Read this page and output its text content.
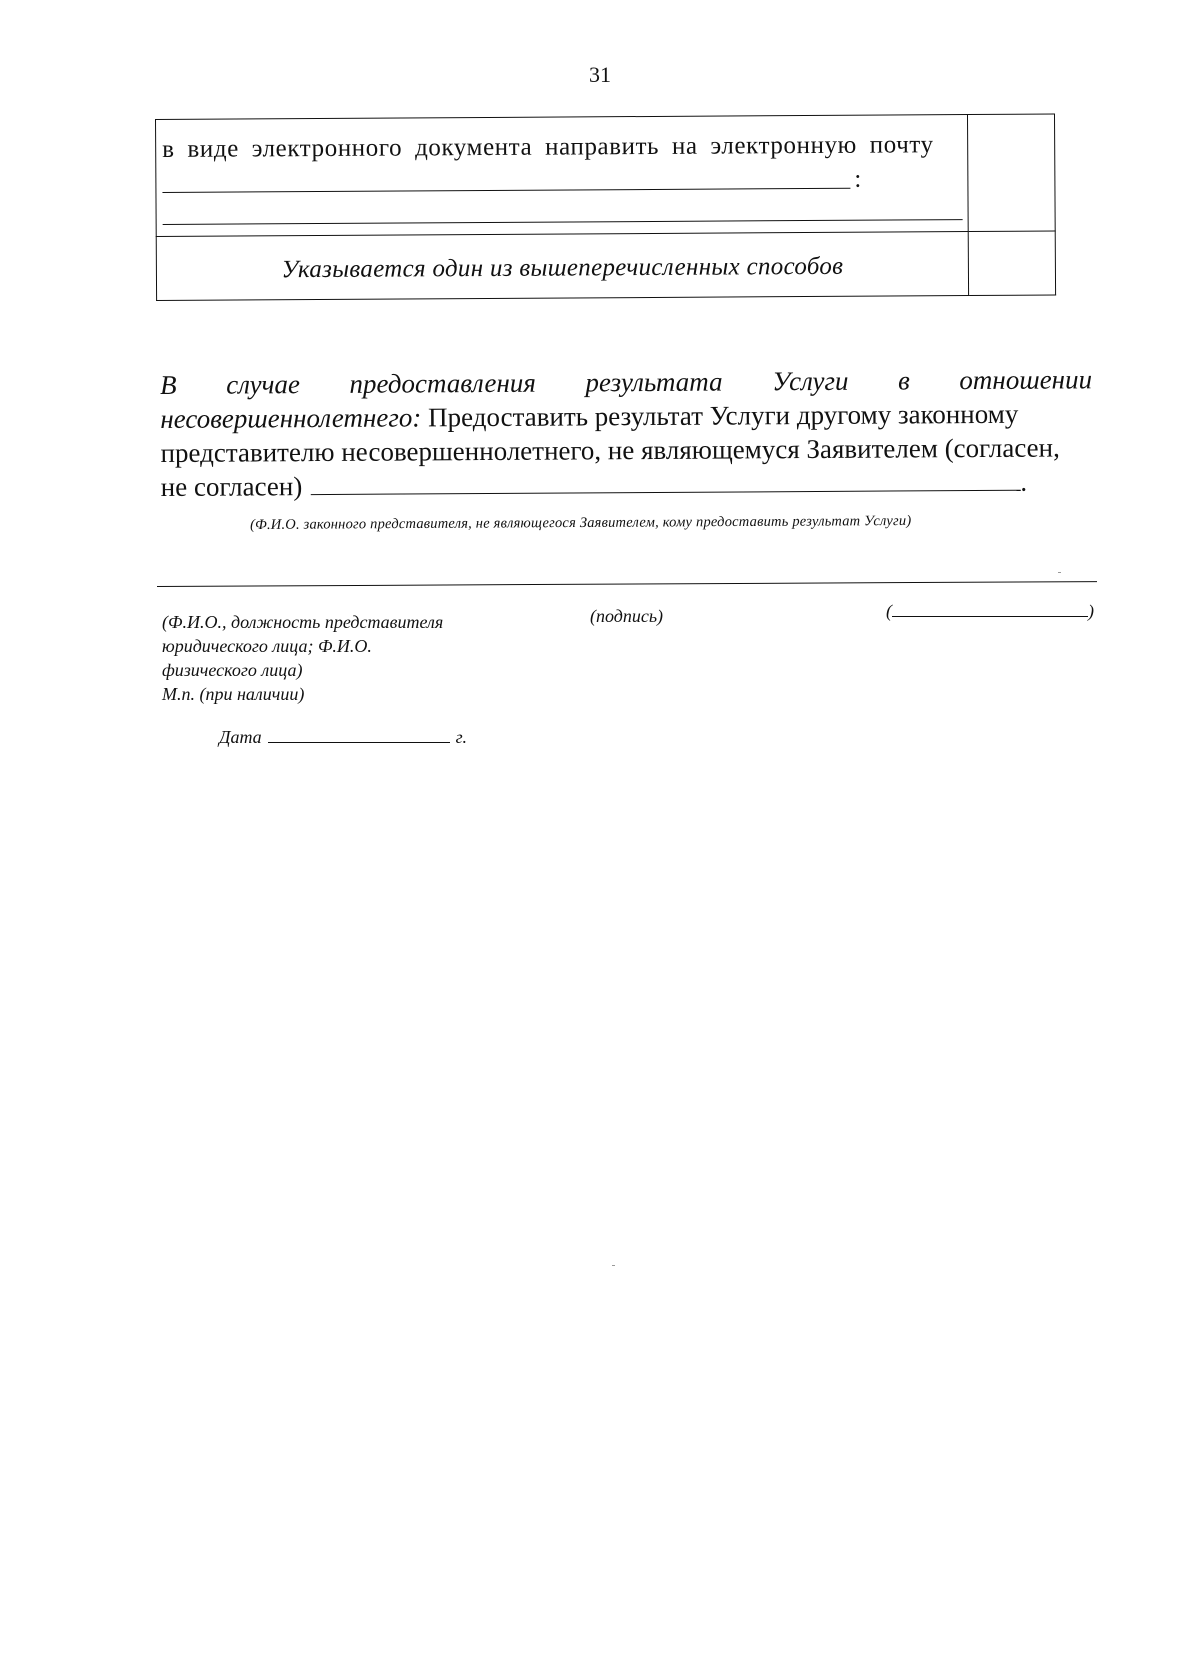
31
в виде электронного документа направить на электронную почту
:	

Указывается один из вышеперечисленных способов	
В случае предоставления результата Услуги в отношении
несовершеннолетнего: Предоставить результат Услуги другому законному
представителю несовершеннолетнего, не являющемуся Заявителем (согласен,
не согласен)	.
(Ф.И.О. законного представителя, не являющегося Заявителем, кому предоставить результат Услуги)
(Ф.И.О., должность представителя
юридического лица; Ф.И.О.
физического лица)
М.п. (при наличии)
(подпись)	(	)
Дата	г.
